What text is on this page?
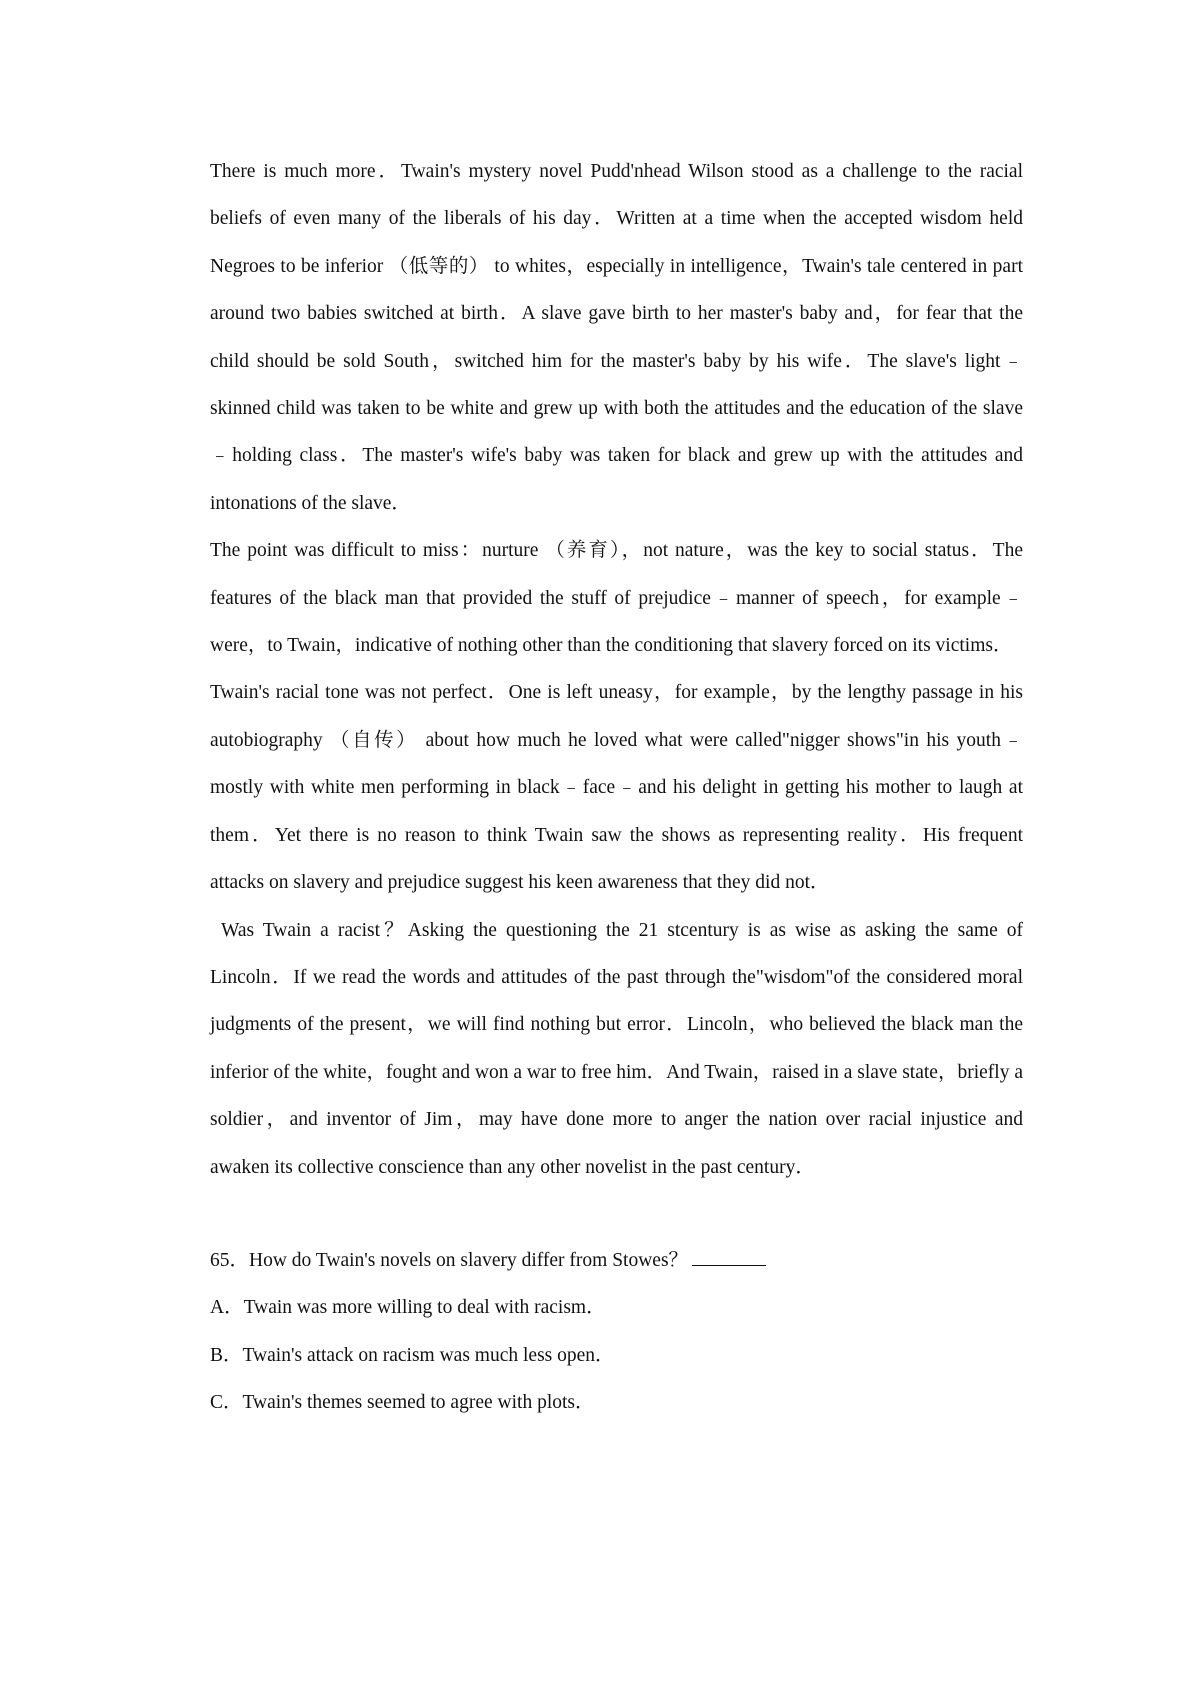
There is much more．Twain's mystery novel Pudd'nhead Wilson stood as a challenge to the racial beliefs of even many of the liberals of his day．Written at a time when the accepted wisdom held Negroes to be inferior （低等的） to whites，especially in intelligence，Twain's tale centered in part around two babies switched at birth．A slave gave birth to her master's baby and，for fear that the child should be sold South，switched him for the master's baby by his wife．The slave's light﹣skinned child was taken to be white and grew up with both the attitudes and the education of the slave﹣holding class．The master's wife's baby was taken for black and grew up with the attitudes and intonations of the slave．

The point was difficult to miss：nurture （养育），not nature，was the key to social status．The features of the black man that provided the stuff of prejudice﹣manner of speech，for example﹣were，to Twain，indicative of nothing other than the conditioning that slavery forced on its victims．

Twain's racial tone was not perfect．One is left uneasy，for example，by the lengthy passage in his autobiography （自传） about how much he loved what were called"nigger shows"in his youth﹣mostly with white men performing in black﹣face﹣and his delight in getting his mother to laugh at them．Yet there is no reason to think Twain saw the shows as representing reality．His frequent attacks on slavery and prejudice suggest his keen awareness that they did not．

Was Twain a racist？Asking the questioning the 21 stcentury is as wise as asking the same of Lincoln．If we read the words and attitudes of the past through the"wisdom"of the considered moral judgments of the present，we will find nothing but error．Lincoln，who believed the black man the inferior of the white，fought and won a war to free him．And Twain，raised in a slave state，briefly a soldier，and inventor of Jim，may have done more to anger the nation over racial injustice and awaken its collective conscience than any other novelist in the past century．

65．How do Twain's novels on slavery differ from Stowes？

A．Twain was more willing to deal with racism．

B．Twain's attack on racism was much less open．

C．Twain's themes seemed to agree with plots．
